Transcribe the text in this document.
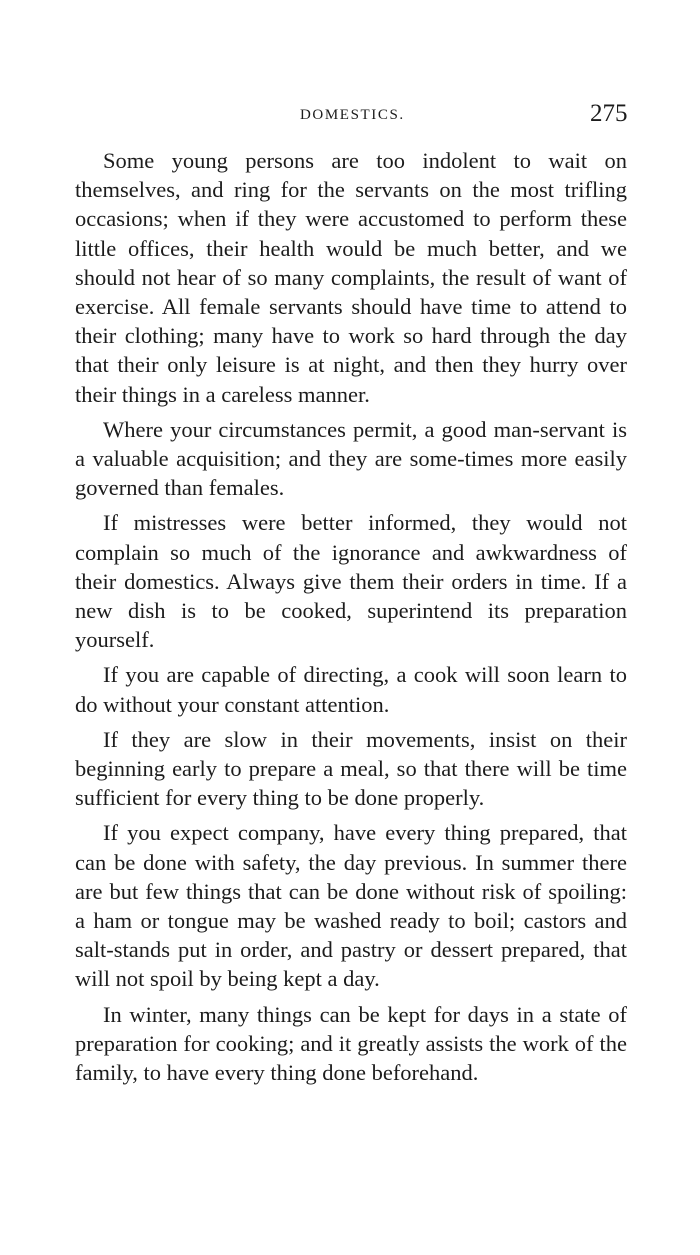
DOMESTICS.	275

Some young persons are too indolent to wait on themselves, and ring for the servants on the most trifling occasions; when if they were accustomed to perform these little offices, their health would be much better, and we should not hear of so many complaints, the result of want of exercise. All female servants should have time to attend to their clothing; many have to work so hard through the day that their only leisure is at night, and then they hurry over their things in a careless manner.

Where your circumstances permit, a good man-servant is a valuable acquisition; and they are some-times more easily governed than females.

If mistresses were better informed, they would not complain so much of the ignorance and awkwardness of their domestics. Always give them their orders in time. If a new dish is to be cooked, superintend its preparation yourself.

If you are capable of directing, a cook will soon learn to do without your constant attention.

If they are slow in their movements, insist on their beginning early to prepare a meal, so that there will be time sufficient for every thing to be done properly.

If you expect company, have every thing prepared, that can be done with safety, the day previous. In summer there are but few things that can be done without risk of spoiling: a ham or tongue may be washed ready to boil; castors and salt-stands put in order, and pastry or dessert prepared, that will not spoil by being kept a day.

In winter, many things can be kept for days in a state of preparation for cooking; and it greatly assists the work of the family, to have every thing done beforehand.
